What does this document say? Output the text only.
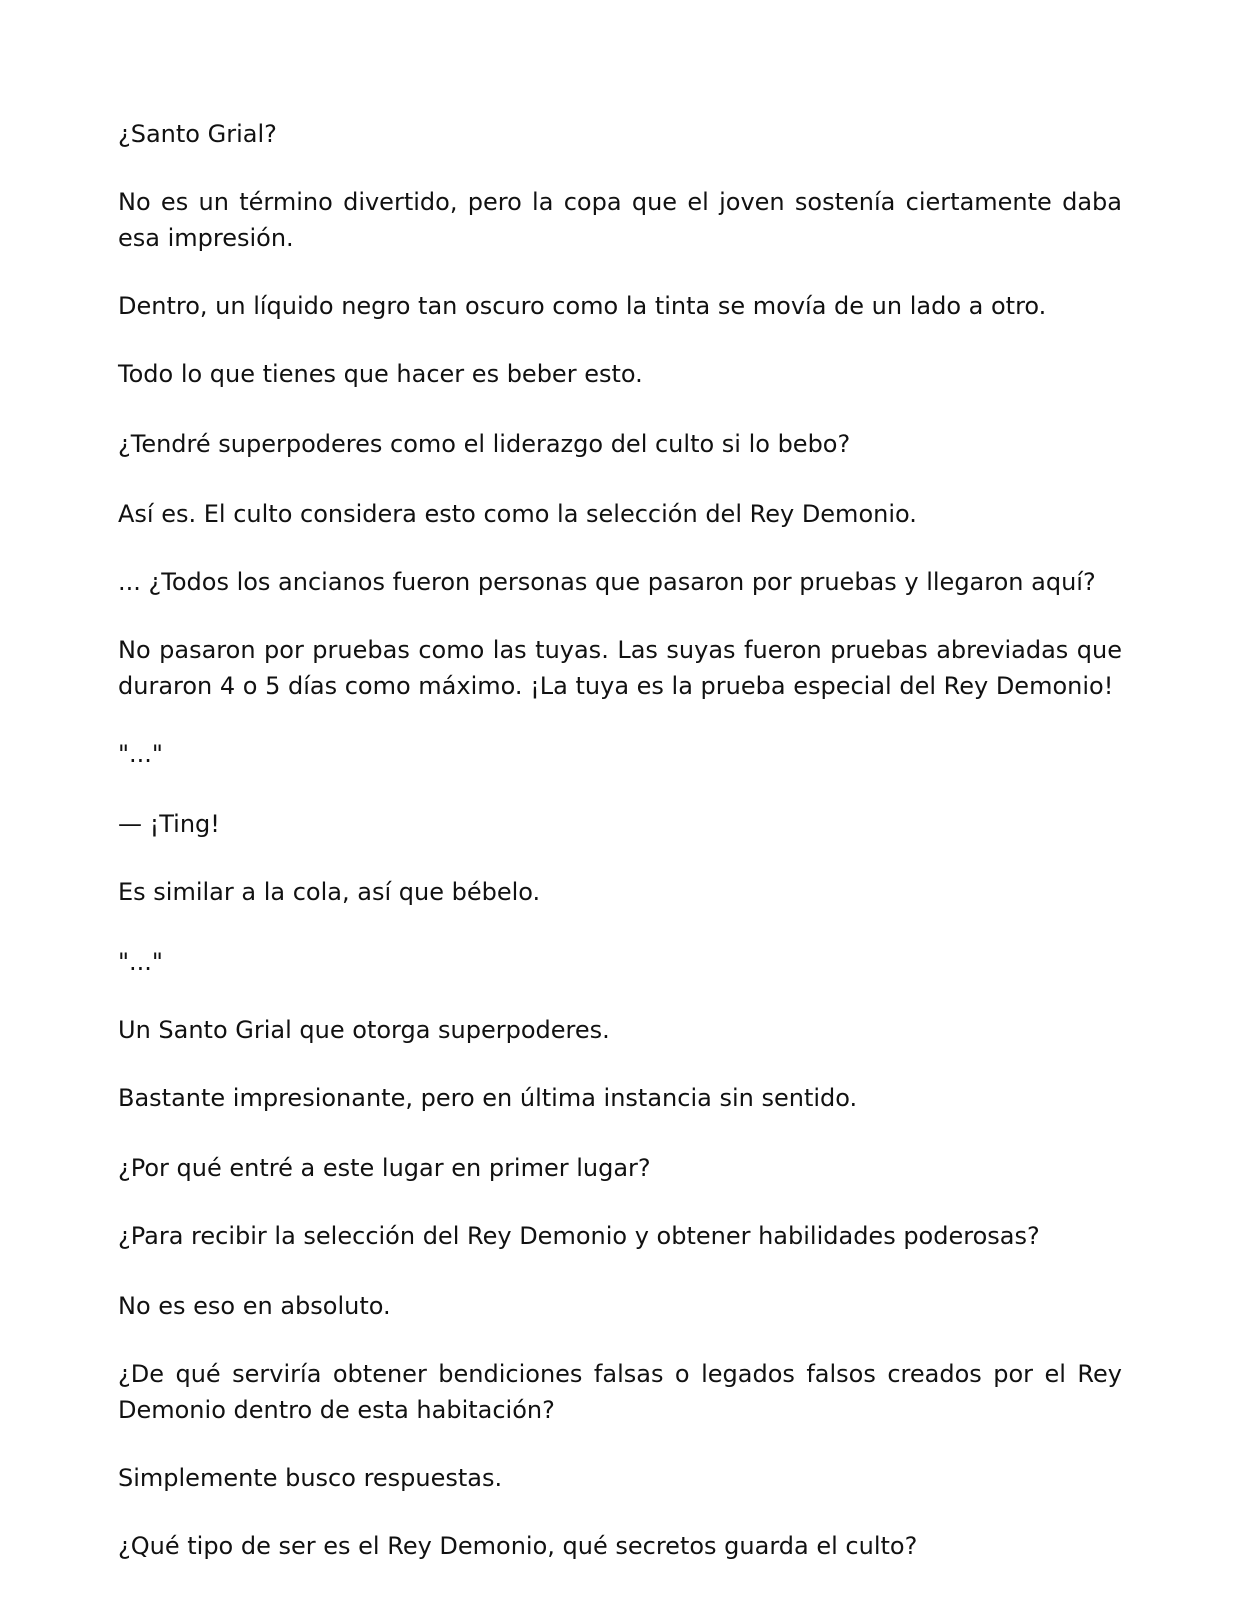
¿Santo Grial?

No es un término divertido, pero la copa que el joven sostenía ciertamente daba esa impresión.

Dentro, un líquido negro tan oscuro como la tinta se movía de un lado a otro.

Todo lo que tienes que hacer es beber esto.

¿Tendré superpoderes como el liderazgo del culto si lo bebo?

Así es. El culto considera esto como la selección del Rey Demonio.

... ¿Todos los ancianos fueron personas que pasaron por pruebas y llegaron aquí?

No pasaron por pruebas como las tuyas. Las suyas fueron pruebas abreviadas que duraron 4 o 5 días como máximo. ¡La tuya es la prueba especial del Rey Demonio!

"..."

— ¡Ting!

Es similar a la cola, así que bébelo.

"..."

Un Santo Grial que otorga superpoderes.

Bastante impresionante, pero en última instancia sin sentido.

¿Por qué entré a este lugar en primer lugar?

¿Para recibir la selección del Rey Demonio y obtener habilidades poderosas?

No es eso en absoluto.

¿De qué serviría obtener bendiciones falsas o legados falsos creados por el Rey Demonio dentro de esta habitación?

Simplemente busco respuestas.

¿Qué tipo de ser es el Rey Demonio, qué secretos guarda el culto?
